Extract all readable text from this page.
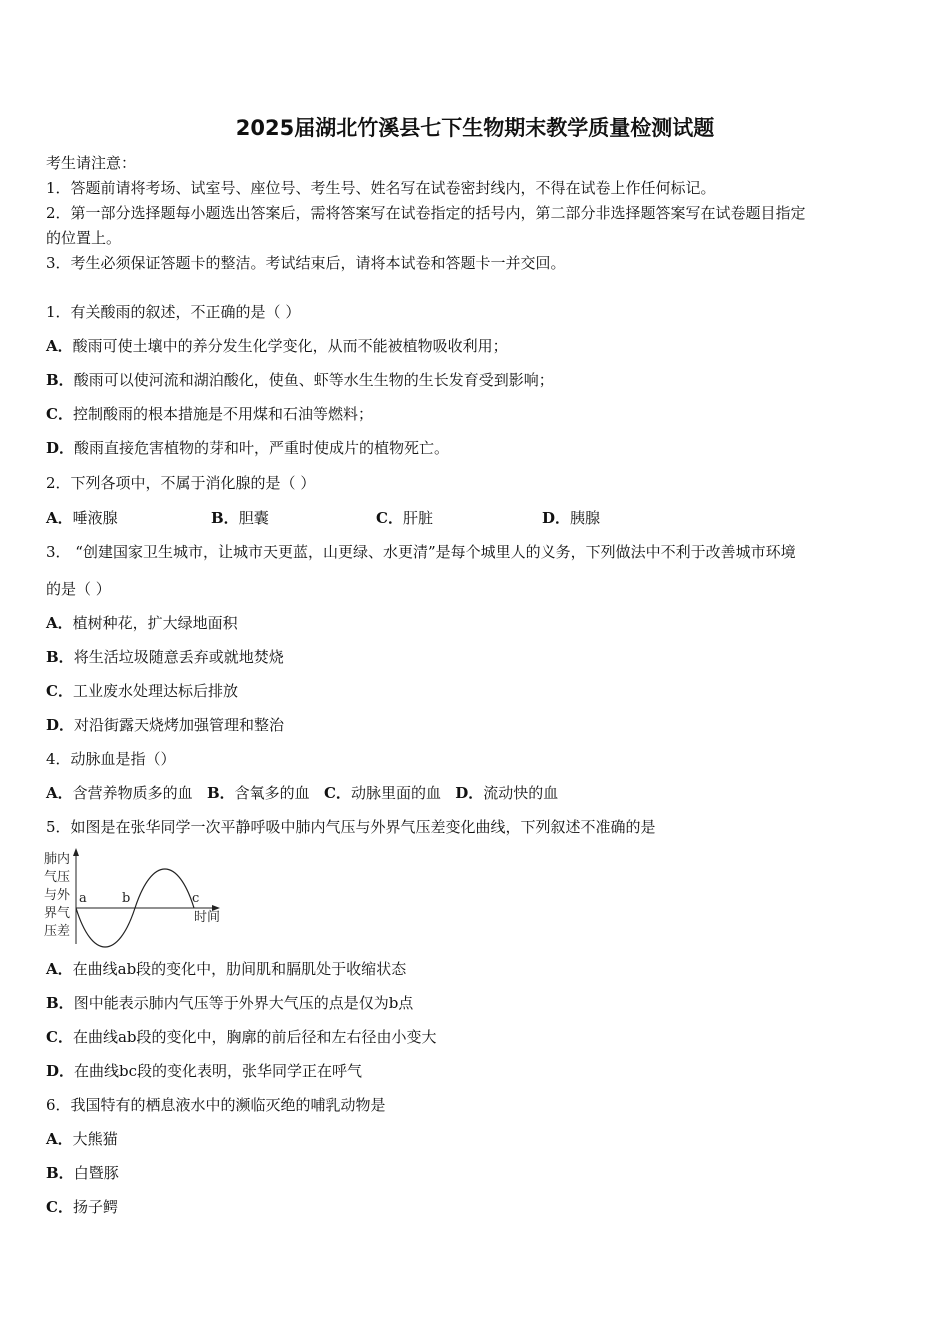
2025届湖北竹溪县七下生物期末教学质量检测试题
考生请注意：
1．答题前请将考场、试室号、座位号、考生号、姓名写在试卷密封线内，不得在试卷上作任何标记。
2．第一部分选择题每小题选出答案后，需将答案写在试卷指定的括号内，第二部分非选择题答案写在试卷题目指定
的位置上。
3．考生必须保证答题卡的整洁。考试结束后，请将本试卷和答题卡一并交回。
1．有关酸雨的叙述，不正确的是（ ）
A．酸雨可使土壤中的养分发生化学变化，从而不能被植物吸收利用；
B．酸雨可以使河流和湖泊酸化，使鱼、虾等水生生物的生长发育受到影响；
C．控制酸雨的根本措施是不用煤和石油等燃料；
D．酸雨直接危害植物的芽和叶，严重时使成片的植物死亡。
2．下列各项中，不属于消化腺的是（ ）
A．唾液腺	B．胆囊	C．肝脏	D．胰腺
3． “创建国家卫生城市，让城市天更蓝，山更绿、水更清”是每个城里人的义务，下列做法中不利于改善城市环境
的是（ ）
A．植树种花，扩大绿地面积
B．将生活垃圾随意丢弃或就地焚烧
C．工业废水处理达标后排放
D．对沿街露天烧烤加强管理和整治
4．动脉血是指（）
A．含营养物质多的血 B．含氧多的血 C．动脉里面的血 D．流动快的血
5．如图是在张华同学一次平静呼吸中肺内气压与外界气压差变化曲线，下列叙述不准确的是
肺内
气压
与外
界气
压差
a	b	c
时间
A．在曲线ab段的变化中，肋间肌和膈肌处于收缩状态
B．图中能表示肺内气压等于外界大气压的点是仅为b点
C．在曲线ab段的变化中，胸廓的前后径和左右径由小变大
D．在曲线bc段的变化表明，张华同学正在呼气
6．我国特有的栖息液水中的濒临灭绝的哺乳动物是
A．大熊猫
B．白暨豚
C．扬子鳄
